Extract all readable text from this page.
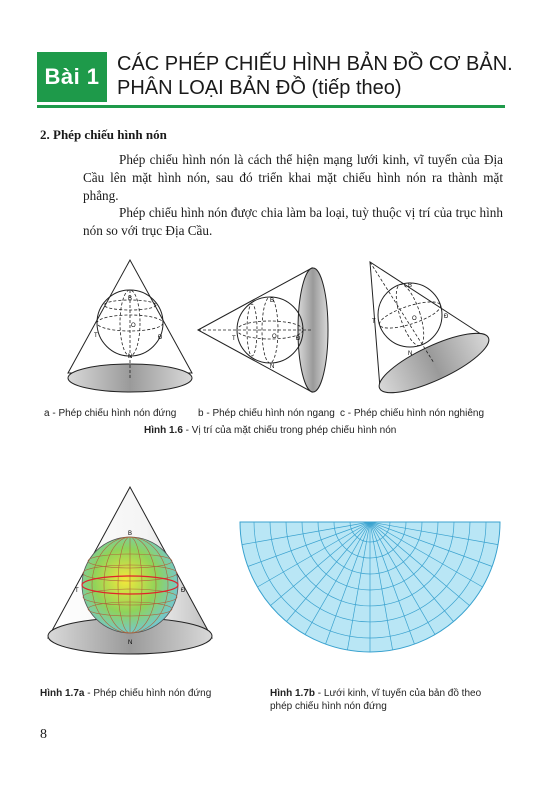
Bài 1 CÁC PHÉP CHIẾU HÌNH BẢN ĐỒ CƠ BẢN.
PHÂN LOẠI BẢN ĐỒ (tiếp theo)
2. Phép chiếu hình nón
Phép chiếu hình nón là cách thể hiện mạng lưới kinh, vĩ tuyến của Địa Cầu lên mặt hình nón, sau đó triển khai mặt chiếu hình nón ra thành mặt phẳng.
Phép chiếu hình nón được chia làm ba loại, tuỳ thuộc vị trí của trục hình nón so với trục Địa Cầu.
B
N
T	Đ
O
B
N
T	Đ
O
B
N
T
Đ
O
B
N
T	Đ
a - Phép chiếu hình nón đứng b - Phép chiếu hình nón ngang c - Phép chiếu hình nón nghiêng
Hình 1.6 - Vị trí của mặt chiếu trong phép chiếu hình nón
Hình 1.7a - Phép chiếu hình nón đứng	Hình 1.7b - Lưới kinh, vĩ tuyến của bản đồ theo
phép chiếu hình nón đứng
8
